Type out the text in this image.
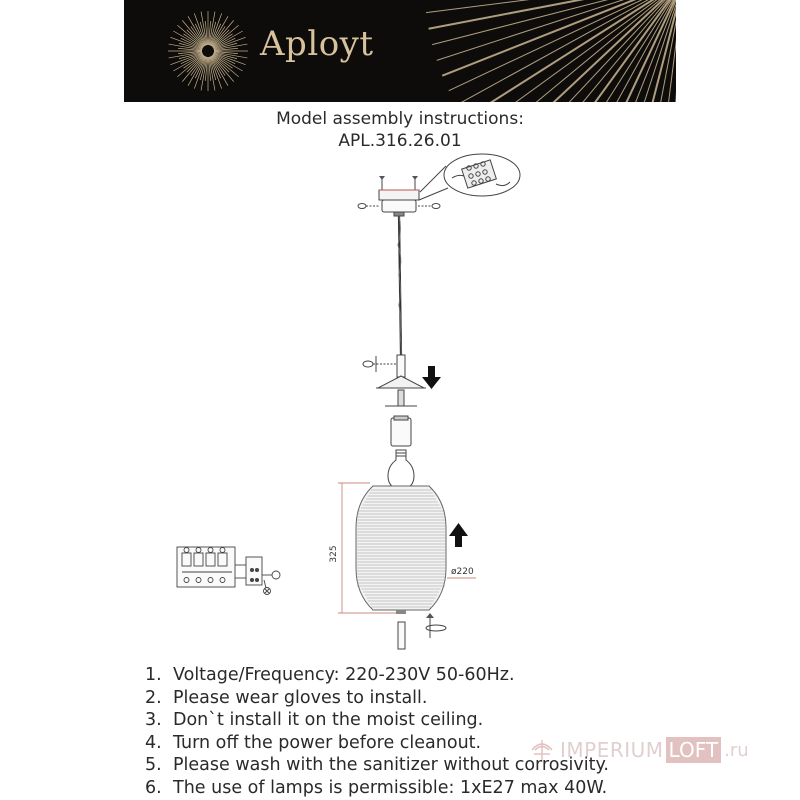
Aployt
Model assembly instructions:
APL.316.26.01
325
ø220
1. Voltage/Frequency: 220-230V 50-60Hz.
2. Please wear gloves to install.
3. Don`t install it on the moist ceiling.
4. Turn off the power before cleanout.
5. Please wash with the sanitizer without corrosivity.
6. The use of lamps is permissible: 1xE27 max 40W.
IMPERIUM LOFT .ru
